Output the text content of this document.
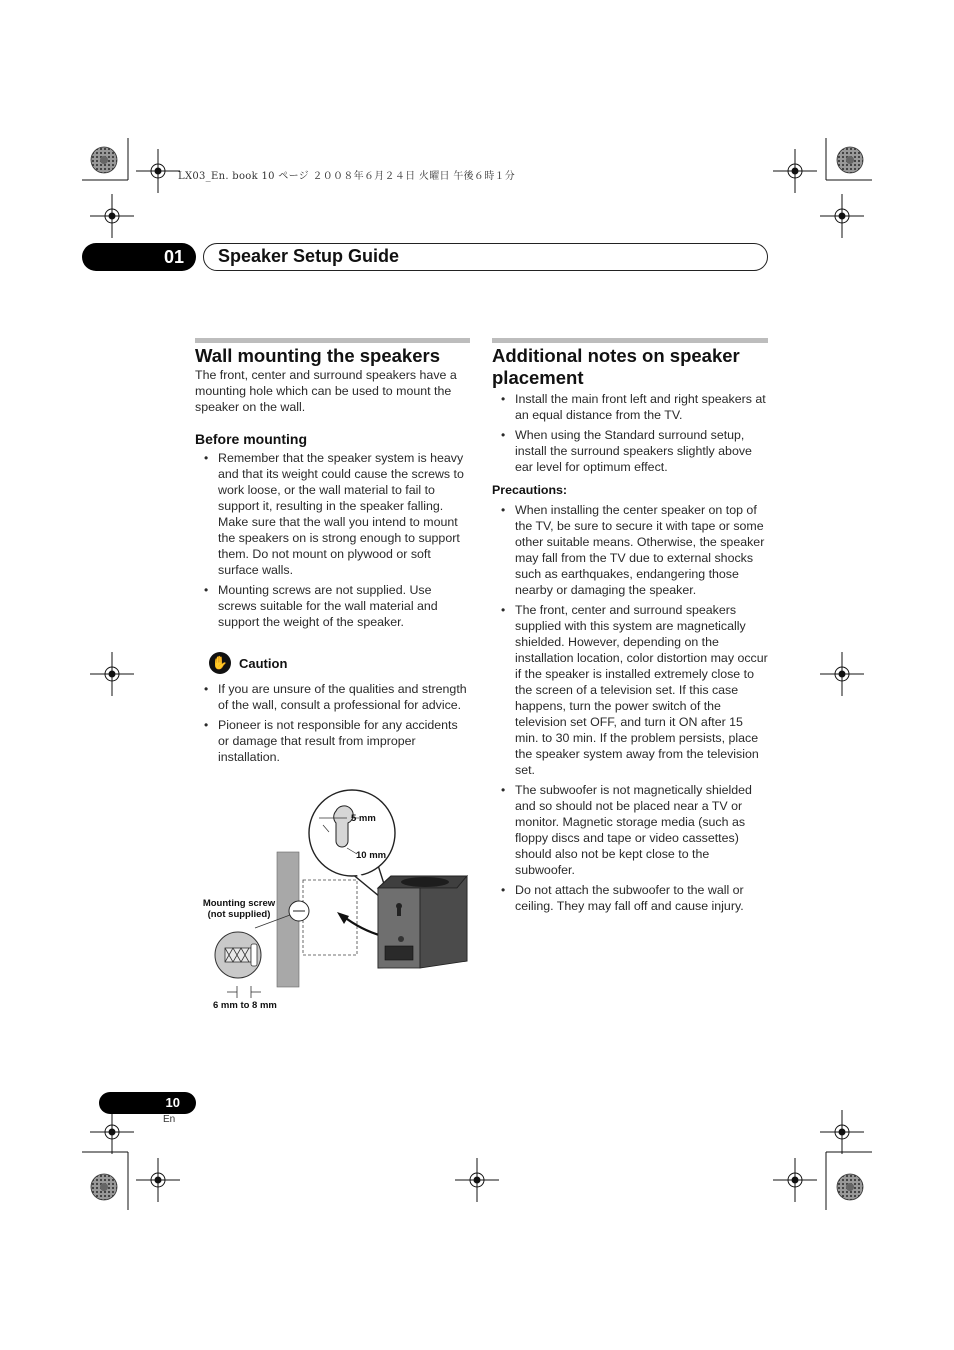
LX03_En. book 10 ページ ２００８年６月２４日 火曜日 午後６時１分
01	Speaker Setup Guide
Wall mounting the speakers

The front, center and surround speakers have a mounting hole which can be used to mount the speaker on the wall.

Before mounting
• Remember that the speaker system is heavy and that its weight could cause the screws to work loose, or the wall material to fail to support it, resulting in the speaker falling. Make sure that the wall you intend to mount the speakers on is strong enough to support them. Do not mount on plywood or soft surface walls.
• Mounting screws are not supplied. Use screws suitable for the wall material and support the weight of the speaker.
✋ Caution
• If you are unsure of the qualities and strength of the wall, consult a professional for advice.
• Pioneer is not responsible for any accidents or damage that result from improper installation.
5 mm
10 mm
Mounting screw
(not supplied)
6 mm to 8 mm
Additional notes on speaker placement
• Install the main front left and right speakers at an equal distance from the TV.
• When using the Standard surround setup, install the surround speakers slightly above ear level for optimum effect.
Precautions:
• When installing the center speaker on top of the TV, be sure to secure it with tape or some other suitable means. Otherwise, the speaker may fall from the TV due to external shocks such as earthquakes, endangering those nearby or damaging the speaker.
• The front, center and surround speakers supplied with this system are magnetically shielded. However, depending on the installation location, color distortion may occur if the speaker is installed extremely close to the screen of a television set. If this case happens, turn the power switch of the television set OFF, and turn it ON after 15 min. to 30 min. If the problem persists, place the speaker system away from the television set.
• The subwoofer is not magnetically shielded and so should not be placed near a TV or monitor. Magnetic storage media (such as floppy discs and tape or video cassettes) should also not be kept close to the subwoofer.
• Do not attach the subwoofer to the wall or ceiling. They may fall off and cause injury.
10
En
